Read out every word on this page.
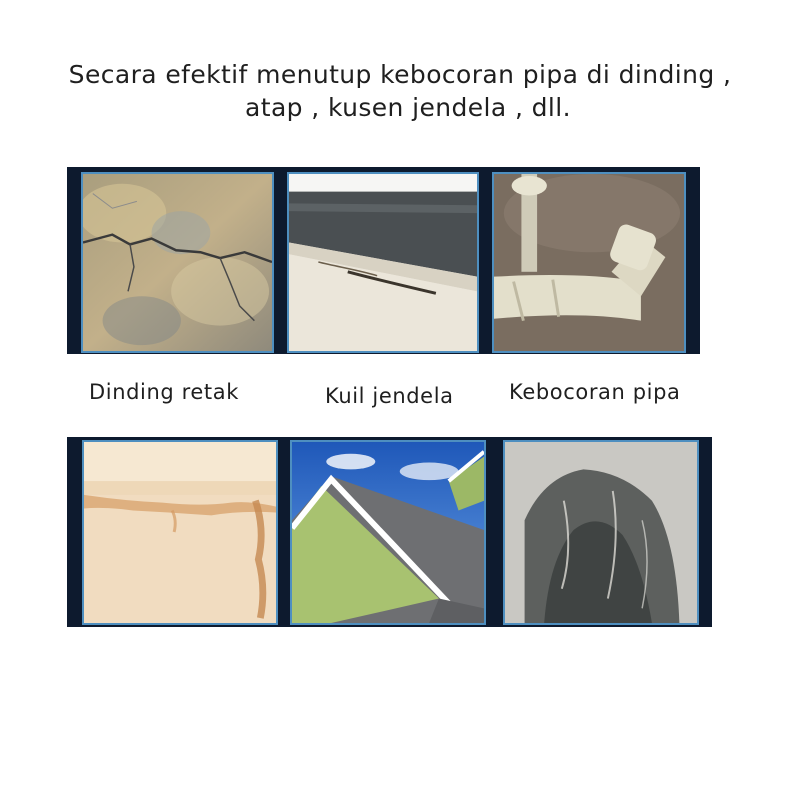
Secara efektif menutup kebocoran pipa di dinding ,
atap , kusen jendela , dll.
Dinding retak	Kuil jendela	Kebocoran pipa
